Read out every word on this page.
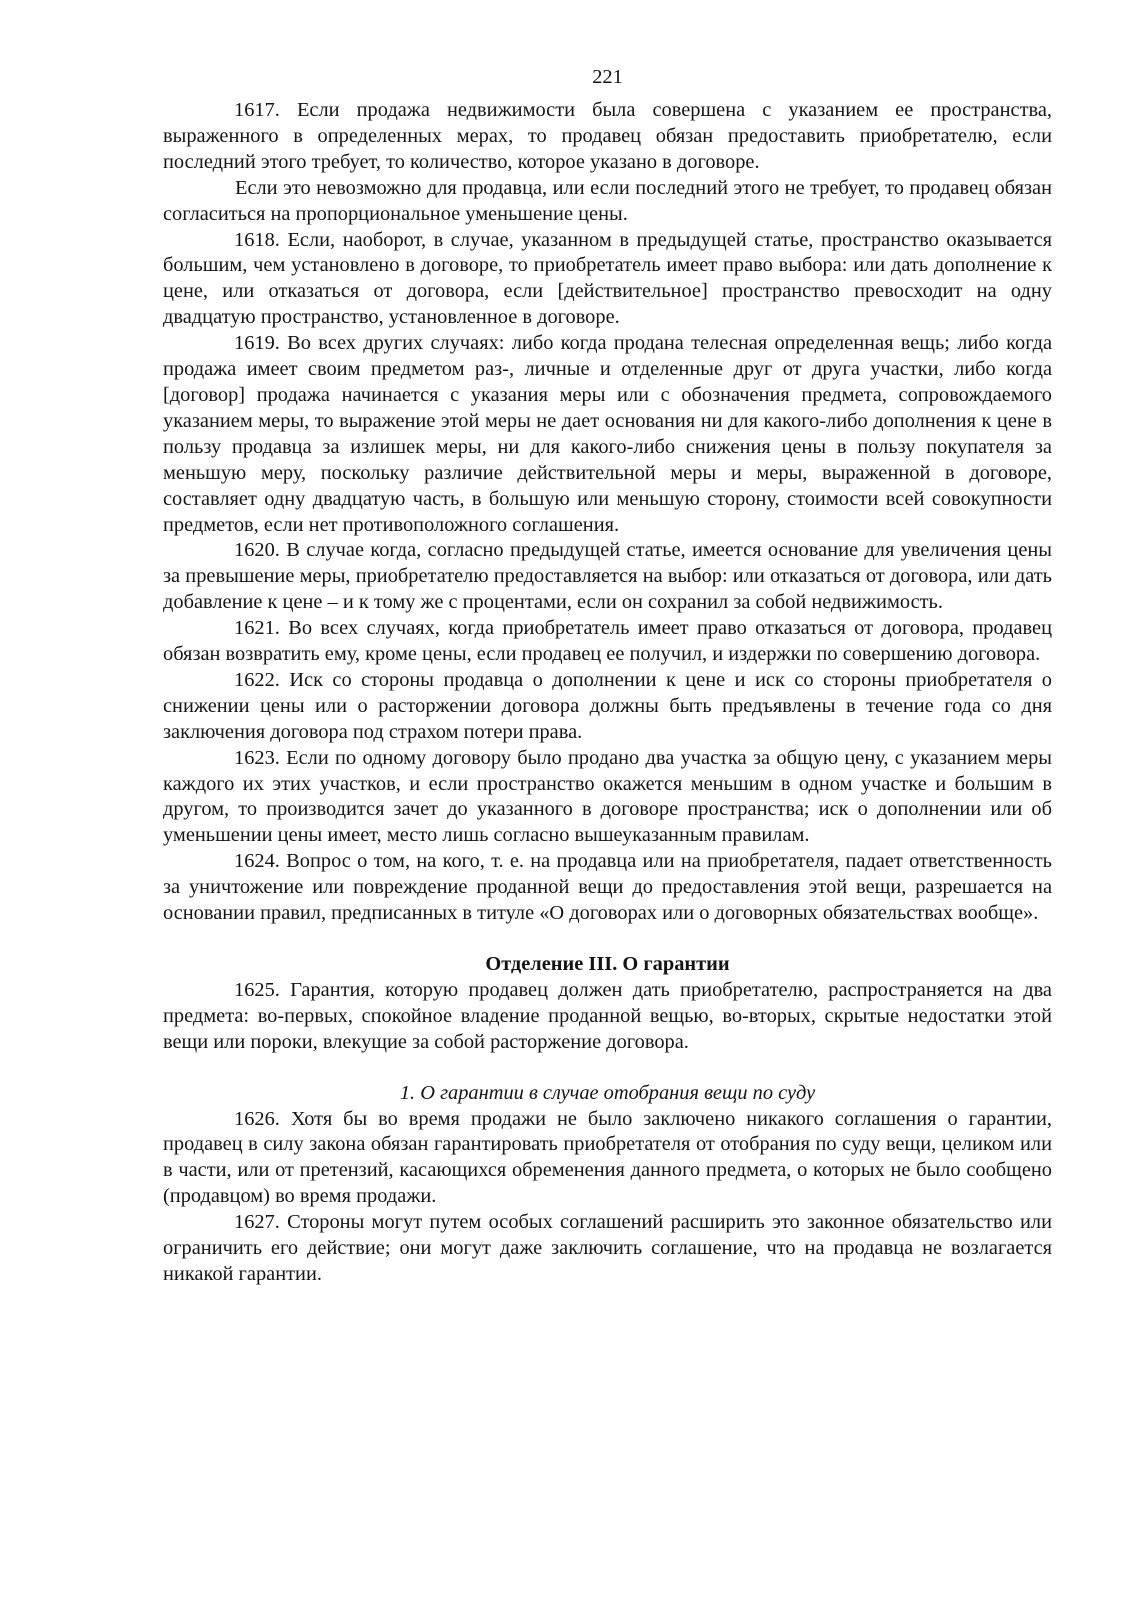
221

1617. Если продажа недвижимости была совершена с указанием ее пространства, выраженного в определенных мерах, то продавец обязан предоставить приобретателю, если последний этого требует, то количество, которое указано в договоре.

Если это невозможно для продавца, или если последний этого не требует, то продавец обязан согласиться на пропорциональное уменьшение цены.

1618. Если, наоборот, в случае, указанном в предыдущей статье, пространство оказывается большим, чем установлено в договоре, то приобретатель имеет право выбора: или дать дополнение к цене, или отказаться от договора, если [действительное] пространство превосходит на одну двадцатую пространство, установленное в договоре.

1619. Во всех других случаях: либо когда продана телесная определенная вещь; либо когда продажа имеет своим предметом раз-, личные и отделенные друг от друга участки, либо когда [договор] продажа начинается с указания меры или с обозначения предмета, сопровождаемого указанием меры, то выражение этой меры не дает основания ни для какого-либо дополнения к цене в пользу продавца за излишек меры, ни для какого-либо снижения цены в пользу покупателя за меньшую меру, поскольку различие действительной меры и меры, выраженной в договоре, составляет одну двадцатую часть, в большую или меньшую сторону, стоимости всей совокупности предметов, если нет противоположного соглашения.

1620. В случае когда, согласно предыдущей статье, имеется основание для увеличения цены за превышение меры, приобретателю предоставляется на выбор: или отказаться от договора, или дать добавление к цене – и к тому же с процентами, если он сохранил за собой недвижимость.

1621. Во всех случаях, когда приобретатель имеет право отказаться от договора, продавец обязан возвратить ему, кроме цены, если продавец ее получил, и издержки по совершению договора.

1622. Иск со стороны продавца о дополнении к цене и иск со стороны приобретателя о снижении цены или о расторжении договора должны быть предъявлены в течение года со дня заключения договора под страхом потери права.

1623. Если по одному договору было продано два участка за общую цену, с указанием меры каждого их этих участков, и если пространство окажется меньшим в одном участке и большим в другом, то производится зачет до указанного в договоре пространства; иск о дополнении или об уменьшении цены имеет, место лишь согласно вышеуказанным правилам.

1624. Вопрос о том, на кого, т. е. на продавца или на приобретателя, падает ответственность за уничтожение или повреждение проданной вещи до предоставления этой вещи, разрешается на основании правил, предписанных в титуле «О договорах или о договорных обязательствах вообще».

Отделение III. О гарантии

1625. Гарантия, которую продавец должен дать приобретателю, распространяется на два предмета: во-первых, спокойное владение проданной вещью, во-вторых, скрытые недостатки этой вещи или пороки, влекущие за собой расторжение договора.

1. О гарантии в случае отобрания вещи по суду

1626. Хотя бы во время продажи не было заключено никакого соглашения о гарантии, продавец в силу закона обязан гарантировать приобретателя от отобрания по суду вещи, целиком или в части, или от претензий, касающихся обременения данного предмета, о которых не было сообщено (продавцом) во время продажи.

1627. Стороны могут путем особых соглашений расширить это законное обязательство или ограничить его действие; они могут даже заключить соглашение, что на продавца не возлагается никакой гарантии.
